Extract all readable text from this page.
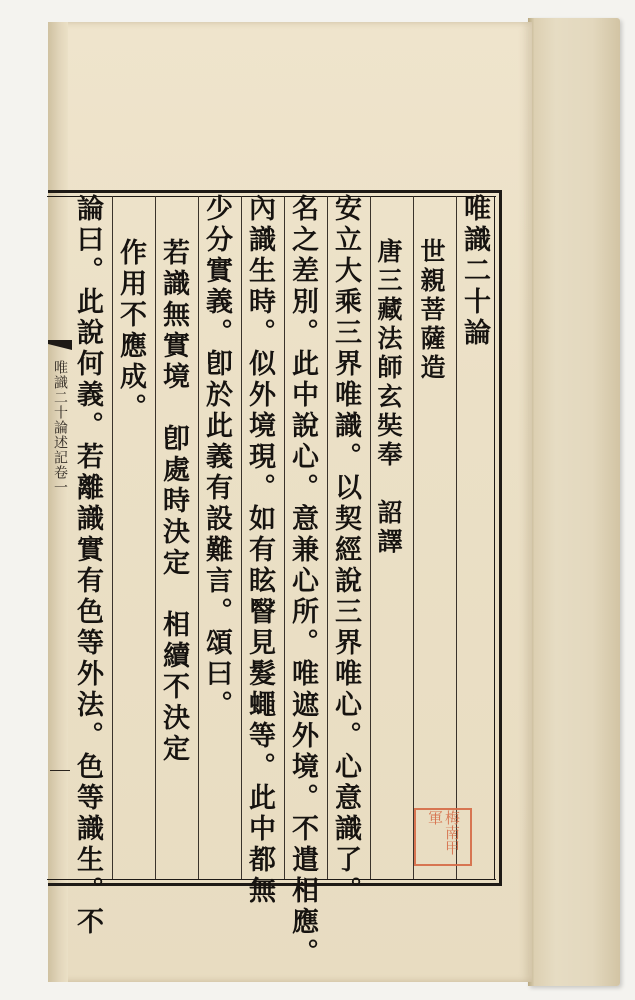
唯識二十論述記卷一
唯識二十論
世親菩薩造
唐三藏法師玄奘奉　詔譯
安立大乘三界唯識。以契經說三界唯心。心意識了。
名之差別。此中說心。意兼心所。唯遮外境。不遣相應。
內識生時。似外境現。如有眩瞖見髮蠅等。此中都無
少分實義。卽於此義有設難言。頌曰。
若識無實境　卽處時決定　相續不決定
作用不應成。
論曰。此說何義。若離識實有色等外法。色等識生。不	梅南甲軍
